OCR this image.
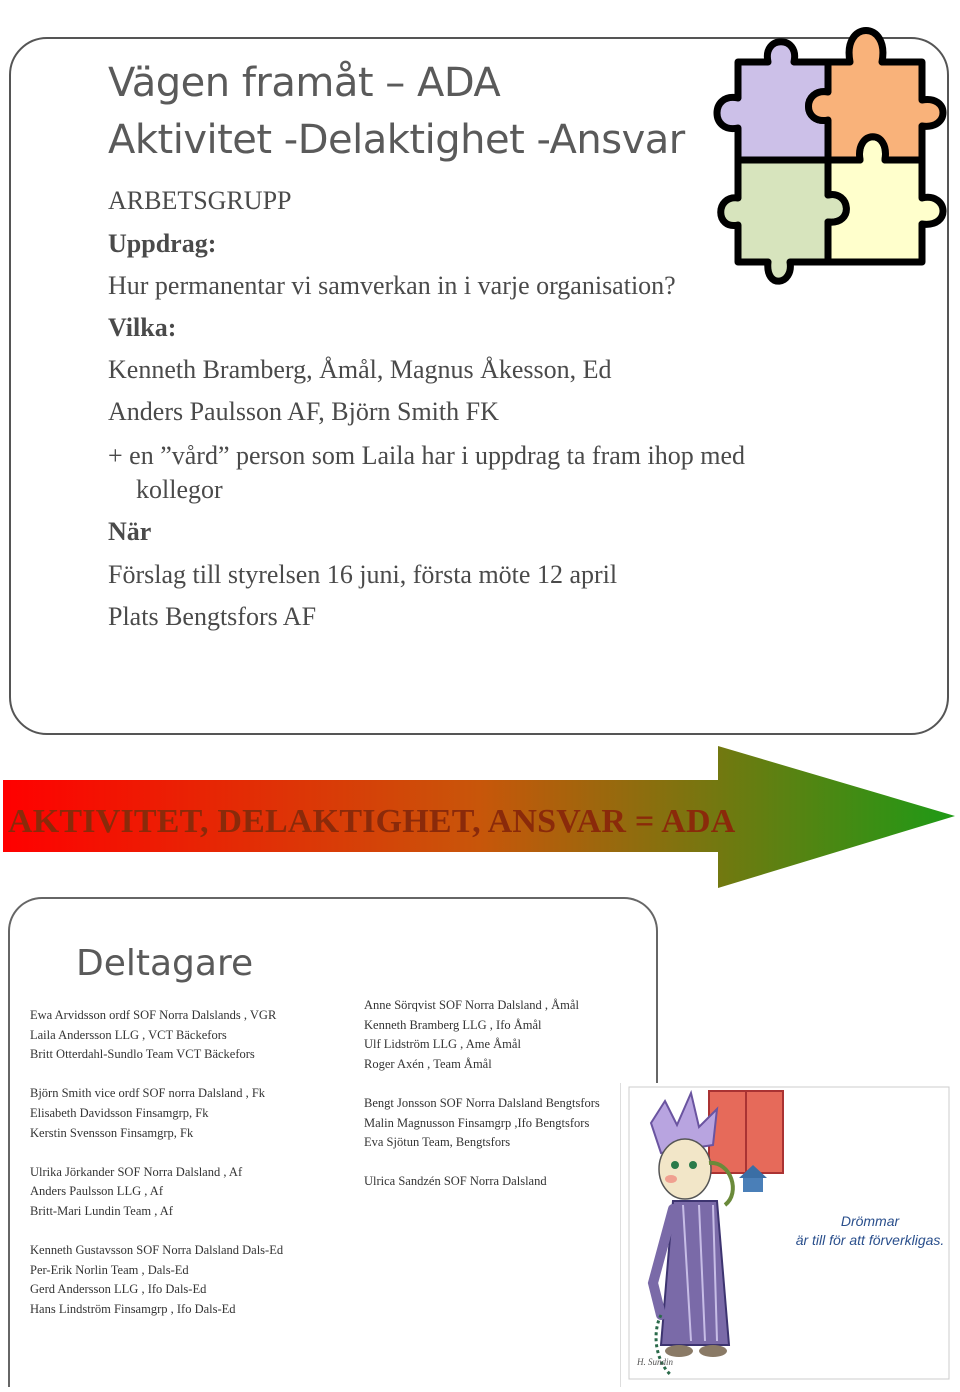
Vägen framåt – ADA
Aktivitet -Delaktighet -Ansvar
ARBETSGRUPP
Uppdrag:
Hur permanentar vi samverkan in i varje organisation?
Vilka:
Kenneth Bramberg, Åmål, Magnus Åkesson, Ed
Anders Paulsson AF, Björn Smith FK
+ en ”vård” person som Laila har i uppdrag ta fram ihop med
kollegor
När
Förslag till styrelsen 16 juni, första möte 12 april
Plats Bengtsfors AF
AKTIVITET, DELAKTIGHET, ANSVAR = ADA
Deltagare
Ewa Arvidsson ordf SOF Norra Dalslands , VGR
Laila Andersson LLG , VCT Bäckefors
Britt Otterdahl-Sundlo Team VCT Bäckefors

Björn Smith vice ordf SOF norra Dalsland , Fk
Elisabeth Davidsson Finsamgrp, Fk
Kerstin Svensson Finsamgrp, Fk

Ulrika Jörkander SOF Norra Dalsland , Af
Anders Paulsson LLG , Af
Britt-Mari Lundin Team , Af

Kenneth Gustavsson SOF Norra Dalsland Dals-Ed
Per-Erik Norlin Team , Dals-Ed
Gerd Andersson LLG , Ifo Dals-Ed
Hans Lindström Finsamgrp , Ifo Dals-Ed
Anne Sörqvist SOF Norra Dalsland , Åmål
Kenneth Bramberg LLG , Ifo Åmål
Ulf Lidström LLG , Ame Åmål
Roger Axén , Team Åmål

Bengt Jonsson SOF Norra Dalsland Bengtsfors
Malin Magnusson Finsamgrp ,Ifo Bengtsfors
Eva Sjötun Team, Bengtsfors

Ulrica Sandzén SOF Norra Dalsland
H. Sundin
Drömmar
är till för att förverkligas.
